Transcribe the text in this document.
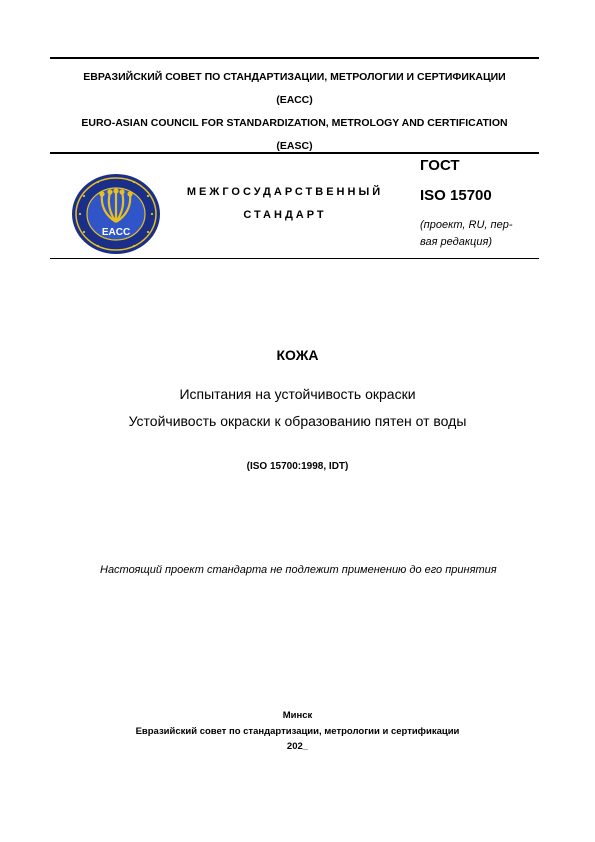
ЕВРАЗИЙСКИЙ СОВЕТ ПО СТАНДАРТИЗАЦИИ, МЕТРОЛОГИИ И СЕРТИФИКАЦИИ
(ЕАСС)
EURO-ASIAN COUNCIL FOR STANDARDIZATION, METROLOGY AND CERTIFICATION
(EASC)
EACC
МЕЖГОСУДАРСТВЕННЫЙ
СТАНДАРТ
ГОСТ
ISO 15700
(проект, RU, пер-
вая редакция)
КОЖА
Испытания на устойчивость окраски
Устойчивость окраски к образованию пятен от воды
(ISO 15700:1998, IDT)
Настоящий проект стандарта не подлежит применению до его принятия
Минск
Евразийский совет по стандартизации, метрологии и сертификации
202_
